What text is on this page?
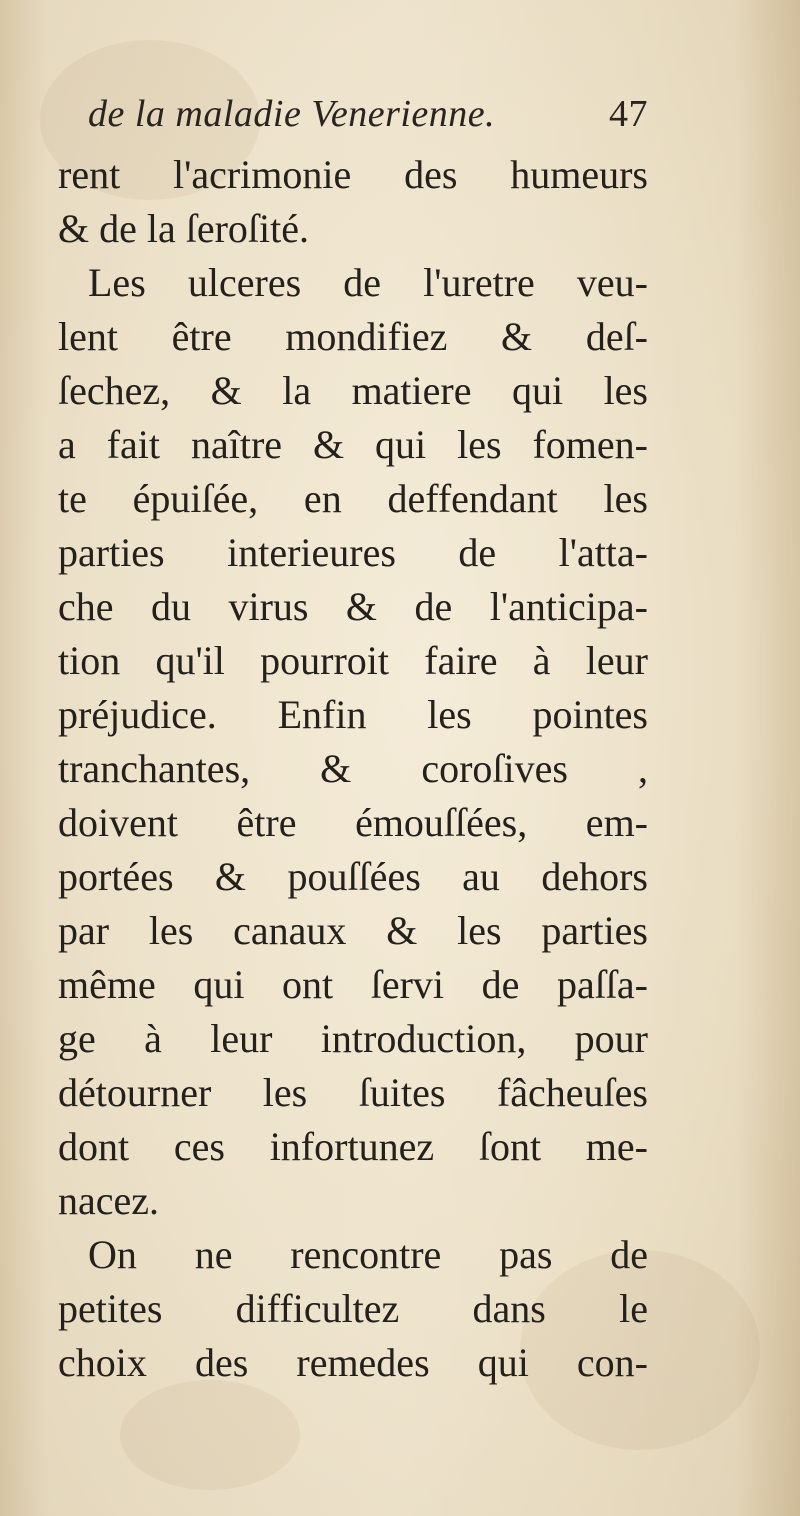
de la maladie Venerienne.	47
rent l'acrimonie des humeurs
& de la ſeroſité.
Les ulceres de l'uretre veu-
lent être mondifiez & deſ-
ſechez, & la matiere qui les
a fait naître & qui les fomen-
te épuiſée, en deffendant les
parties interieures de l'atta-
che du virus & de l'anticipa-
tion qu'il pourroit faire à leur
préjudice. Enfin les pointes
tranchantes, & coroſives ,
doivent être émouſſées, em-
portées & pouſſées au dehors
par les canaux & les parties
même qui ont ſervi de paſſa-
ge à leur introduction, pour
détourner les ſuites fâcheuſes
dont ces infortunez ſont me-
nacez.
On ne rencontre pas de
petites difficultez dans le
choix des remedes qui con-
